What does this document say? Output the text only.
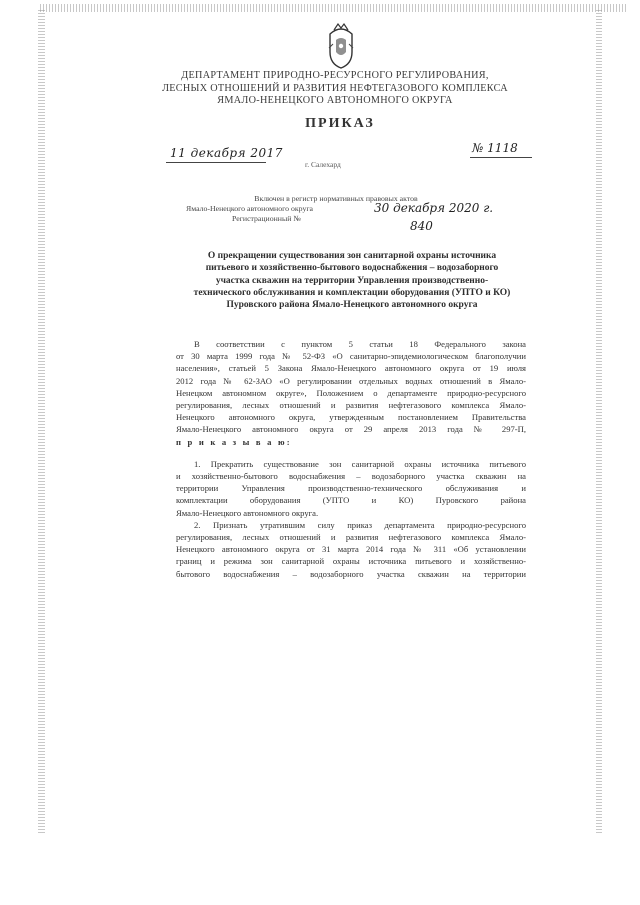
ДЕПАРТАМЕНТ ПРИРОДНО-РЕСУРСНОГО РЕГУЛИРОВАНИЯ,
ЛЕСНЫХ ОТНОШЕНИЙ И РАЗВИТИЯ НЕФТЕГАЗОВОГО КОМПЛЕКСА
ЯМАЛО-НЕНЕЦКОГО АВТОНОМНОГО ОКРУГА
ПРИКАЗ
11 декабря 2017	№ 1118
г. Салехард
Включен в регистр нормативных правовых актов
Ямало-Ненецкого автономного округа
Регистрационный №
30 декабря 2020 г.
840
О прекращении существования зон санитарной охраны источника
питьевого и хозяйственно-бытового водоснабжения – водозаборного
участка скважин на территории Управления производственно-
технического обслуживания и комплектации оборудования (УПТО и КО)
Пуровского района Ямало-Ненецкого автономного округа
В соответствии с пунктом 5 статьи 18 Федерального закона
от 30 марта 1999 года № 52-ФЗ «О санитарно-эпидемиологическом благополучии
населения», статьей 5 Закона Ямало-Ненецкого автономного округа от 19 июля
2012 года № 62-ЗАО «О регулировании отдельных водных отношений в Ямало-
Ненецком автономном округе», Положением о департаменте природно-ресурсного
регулирования, лесных отношений и развития нефтегазового комплекса Ямало-
Ненецкого автономного округа, утвержденным постановлением Правительства
Ямало-Ненецкого автономного округа от 29 апреля 2013 года № 297-П,
п р и к а з ы в а ю:
1. Прекратить существование зон санитарной охраны источника питьевого
и хозяйственно-бытового водоснабжения – водозаборного участка скважин на
территории Управления производственно-технического обслуживания и
комплектации оборудования (УПТО и КО) Пуровского района
Ямало-Ненецкого автономного округа.
2. Признать утратившим силу приказ департамента природно-ресурсного
регулирования, лесных отношений и развития нефтегазового комплекса Ямало-
Ненецкого автономного округа от 31 марта 2014 года № 311 «Об установлении
границ и режима зон санитарной охраны источника питьевого и хозяйственно-
бытового водоснабжения – водозаборного участка скважин на территории
